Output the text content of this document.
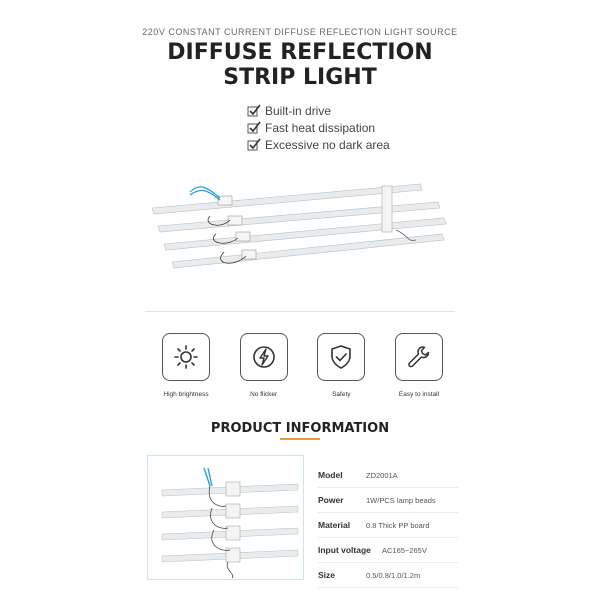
220V CONSTANT CURRENT DIFFUSE REFLECTION LIGHT SOURCE
DIFFUSE REFLECTION
STRIP LIGHT
Built-in drive
Fast heat dissipation
Excessive no dark area
High brightness	No flicker	Safety	Easy to install
PRODUCT INFORMATION
Model	ZD2001A
Power	1W/PCS lamp beads
Material	0.8 Thick PP board
Input voltage	AC165~265V
Size	0.5/0.8/1.0/1.2m
